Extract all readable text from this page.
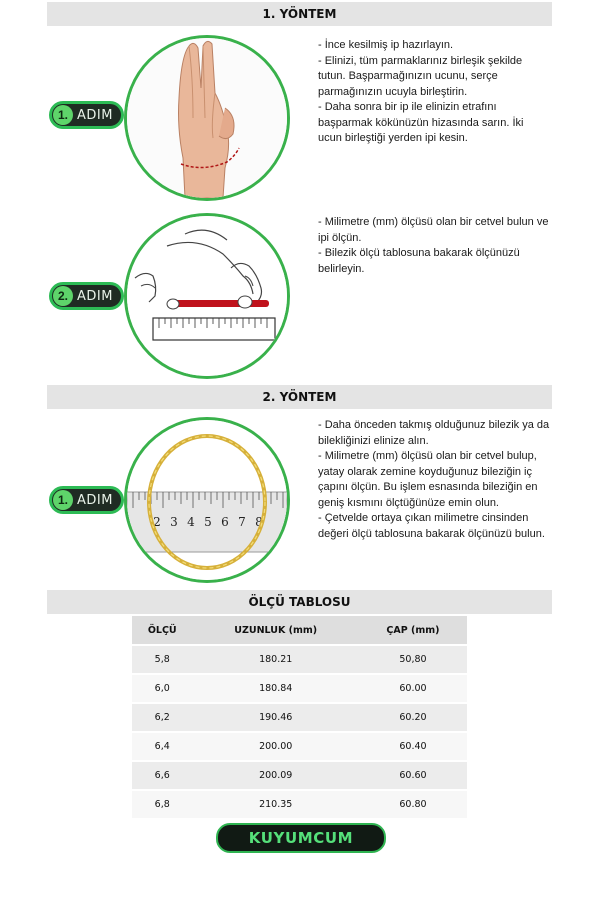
1. YÖNTEM
1. ADIM

- İnce kesilmiş ip hazırlayın.

- Elinizi, tüm parmaklarınız birleşik şekilde tutun. Başparmağınızın ucunu, serçe parmağınızın ucuyla birleştirin.

- Daha sonra bir ip ile elinizin etrafını başparmak kökünüzün hizasında sarın. İki ucun birleştiği yerden ipi kesin.

2. ADIM

- Milimetre (mm) ölçüsü olan bir cetvel bulun ve ipi ölçün.

- Bilezik ölçü tablosuna bakarak ölçünüzü belirleyin.

2. YÖNTEM
2 3 4 5 6 7 8
1. ADIM

- Daha önceden takmış olduğunuz bilezik ya da bilekliğinizi elinize alın.

- Milimetre (mm) ölçüsü olan bir cetvel bulup, yatay olarak zemine koyduğunuz bileziğin iç çapını ölçün. Bu işlem esnasında bileziğin en geniş kısmını ölçtüğünüze emin olun.

- Çetvelde ortaya çıkan milimetre cinsinden değeri ölçü tablosuna bakarak ölçünüzü bulun.

ÖLÇÜ TABLOSU
ÖLÇÜ	UZUNLUK (mm)	ÇAP (mm)
5,8	180.21	50,80
6,0	180.84	60.00
6,2	190.46	60.20
6,4	200.00	60.40
6,6	200.09	60.60
6,8	210.35	60.80
KUYUMCUM
